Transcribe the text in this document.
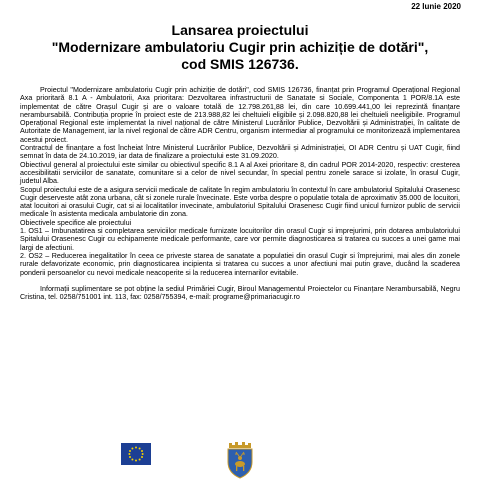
22 Iunie 2020
Lansarea proiectului
"Modernizare ambulatoriu Cugir prin achiziție de dotări",
cod SMIS 126736.

Proiectul "Modernizare ambulatoriu Cugir prin achiziție de dotări", cod SMIS 126736, finanțat prin Programul Operațional Regional Axa prioritară 8.1 A - Ambulatorii, Axa prioritara: Dezvoltarea infrastructurii de Sanatate si Sociale, Componenta 1 POR/8.1A este implementat de către Orașul Cugir și are o valoare totală de 12.798.261,88 lei, din care 10.699.441,00 lei reprezintă finanțare nerambursabilă. Contribuția proprie în proiect este de 213.988,82 lei cheltuieli eligibile și 2.098.820,88 lei cheltuieli neeligibile. Programul Operațional Regional este implementat la nivel național de către Ministerul Lucrărilor Publice, Dezvoltării și Administrației, în calitate de Autoritate de Management, iar la nivel regional de către ADR Centru, organism intermediar al programului ce monitorizează implementarea acestui proiect.

Contractul de finanțare a fost încheiat între Ministerul Lucrărilor Publice, Dezvoltării și Administrației, OI ADR Centru și UAT Cugir, fiind semnat în data de 24.10.2019, iar data de finalizare a proiectului este 31.09.2020.

Obiectivul general al proiectului este similar cu obiectivul specific 8.1 A al Axei prioritare 8, din cadrul POR 2014-2020, respectiv: cresterea accesibilitatii serviciilor de sanatate, comunitare si a celor de nivel secundar, în special pentru zonele sarace si izolate, în orasul Cugir, judetul Alba.

Scopul proiectului este de a asigura servicii medicale de calitate în regim ambulatoriu în contextul în care ambulatoriul Spitalului Orasenesc Cugir deserveste atât zona urbana, cât si zonele rurale învecinate. Este vorba despre o populatie totala de aproximativ 35.000 de locuitori, atat locuitori ai orasului Cugir, cat si ai localitatilor invecinate, ambulatoriul Spitalului Orasenesc Cugir fiind unicul furnizor public de servicii medicale în asistenta medicala ambulatorie din zona.

Obiectivele specifice ale proiectului

1. OS1 – Imbunatatirea si completarea serviciilor medicale furnizate locuitorilor din orasul Cugir si imprejurimi, prin dotarea ambulatoriului Spitalului Orasenesc Cugir cu echipamente medicale performante, care vor permite diagnosticarea si tratarea cu succes a unei game mai largi de afectiuni.

2. OS2 – Reducerea inegalitatilor în ceea ce priveste starea de sanatate a populatiei din orasul Cugir si împrejurimi, mai ales din zonele rurale defavorizate economic, prin diagnosticarea incipienta si tratarea cu succes a unor afectiuni mai putin grave, ducând la scaderea ponderii persoanelor cu nevoi medicale neacoperite si la reducerea internarilor evitabile.

Informații suplimentare se pot obține la sediul Primăriei Cugir, Biroul Managementul Proiectelor cu Finanțare Nerambursabilă, Negru Cristina, tel. 0258/751001 int. 113, fax: 0258/755394, e-mail: programe@primariacugir.ro
